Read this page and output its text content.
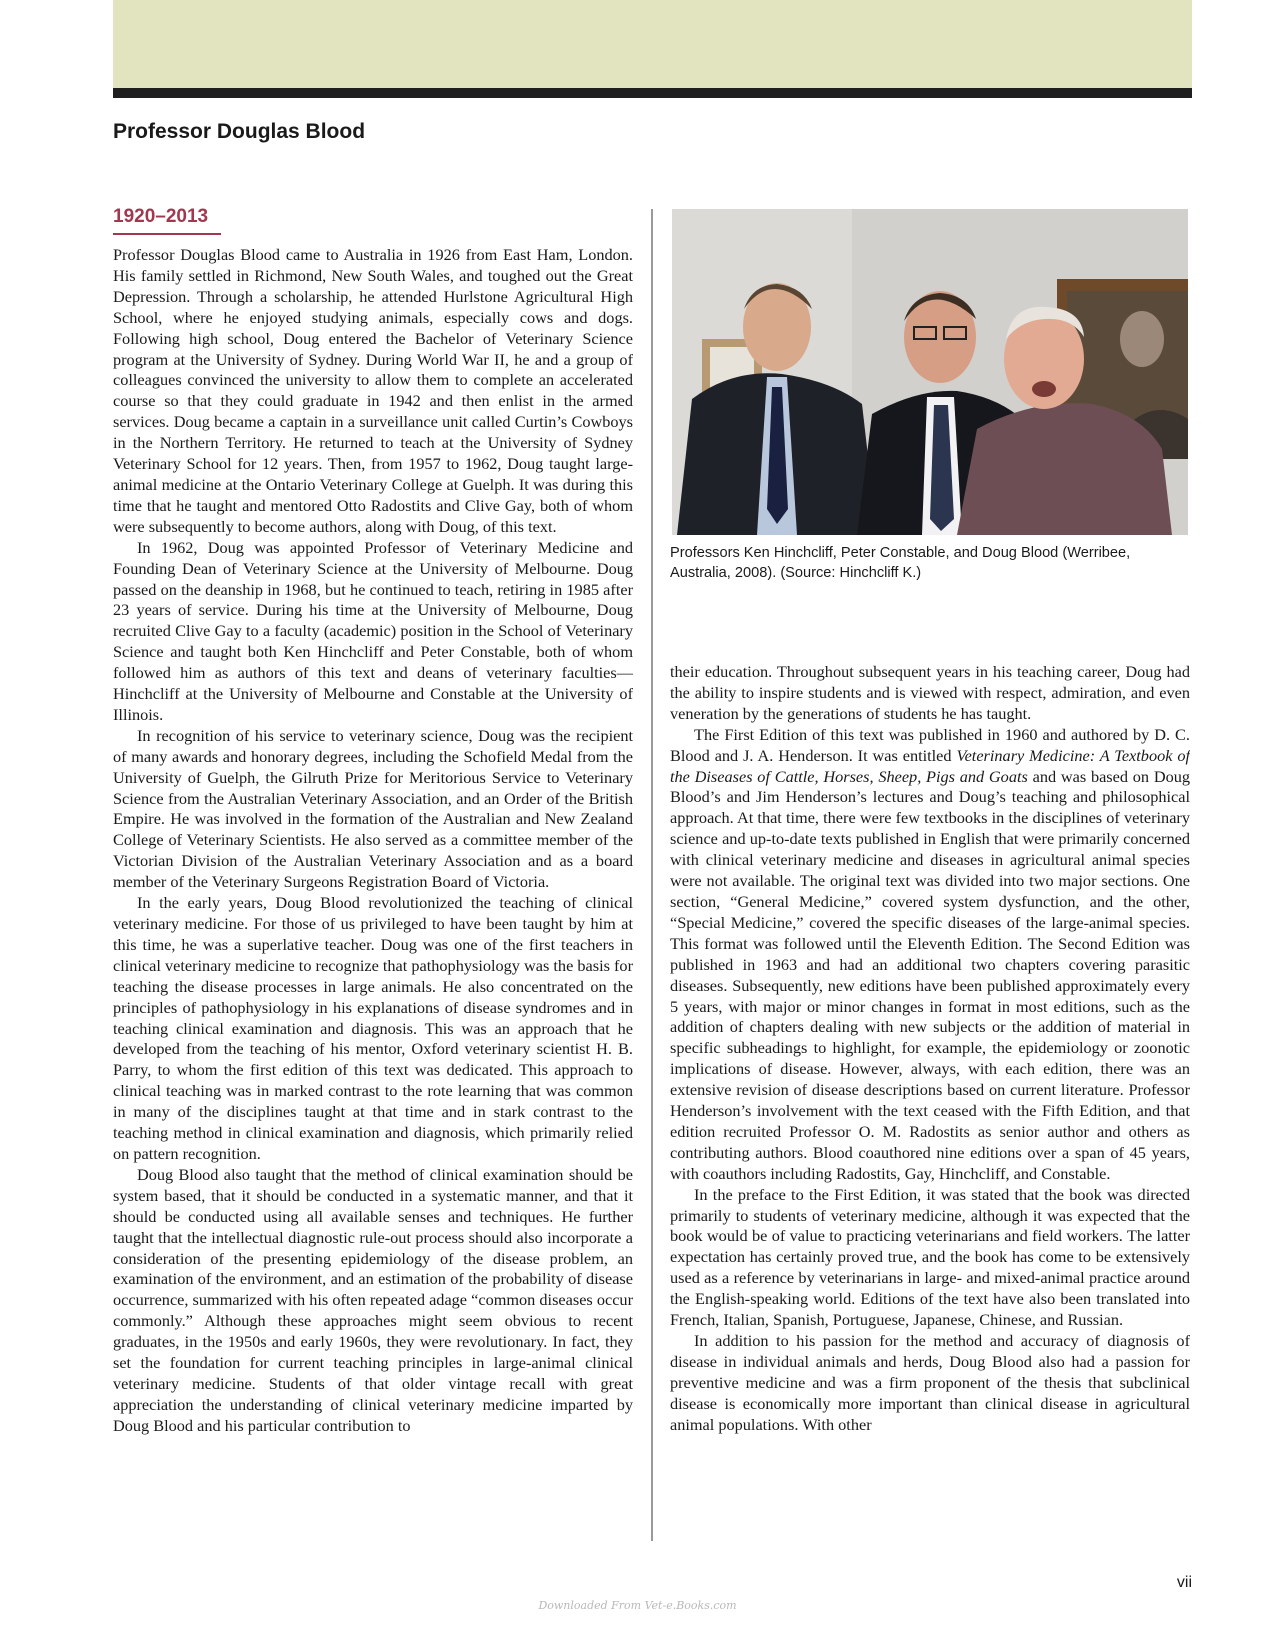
Professor Douglas Blood
1920–2013

Professor Douglas Blood came to Australia in 1926 from East Ham, London. His family settled in Richmond, New South Wales, and toughed out the Great Depression. Through a scholarship, he attended Hurlstone Agricultural High School, where he enjoyed studying animals, especially cows and dogs. Following high school, Doug entered the Bachelor of Veterinary Science program at the University of Sydney. During World War II, he and a group of colleagues convinced the university to allow them to complete an accelerated course so that they could graduate in 1942 and then enlist in the armed services. Doug became a captain in a surveillance unit called Curtin’s Cowboys in the Northern Territory. He returned to teach at the University of Sydney Veterinary School for 12 years. Then, from 1957 to 1962, Doug taught large-animal medicine at the Ontario Veterinary College at Guelph. It was during this time that he taught and mentored Otto Radostits and Clive Gay, both of whom were subsequently to become authors, along with Doug, of this text.

In 1962, Doug was appointed Professor of Veterinary Medicine and Founding Dean of Veterinary Science at the University of Melbourne. Doug passed on the deanship in 1968, but he continued to teach, retiring in 1985 after 23 years of service. During his time at the University of Melbourne, Doug recruited Clive Gay to a faculty (academic) position in the School of Veterinary Science and taught both Ken Hinchcliff and Peter Constable, both of whom followed him as authors of this text and deans of veterinary faculties—Hinchcliff at the University of Melbourne and Constable at the University of Illinois.

In recognition of his service to veterinary science, Doug was the recipient of many awards and honorary degrees, including the Schofield Medal from the University of Guelph, the Gilruth Prize for Meritorious Service to Veterinary Science from the Australian Veterinary Association, and an Order of the British Empire. He was involved in the formation of the Australian and New Zealand College of Veterinary Scientists. He also served as a committee member of the Victorian Division of the Australian Veterinary Association and as a board member of the Veterinary Surgeons Registration Board of Victoria.

In the early years, Doug Blood revolutionized the teaching of clinical veterinary medicine. For those of us privileged to have been taught by him at this time, he was a superlative teacher. Doug was one of the first teachers in clinical veterinary medicine to recognize that pathophysiology was the basis for teaching the disease processes in large animals. He also concentrated on the principles of pathophysiology in his explanations of disease syndromes and in teaching clinical examination and diagnosis. This was an approach that he developed from the teaching of his mentor, Oxford veterinary scientist H. B. Parry, to whom the first edition of this text was dedicated. This approach to clinical teaching was in marked contrast to the rote learning that was common in many of the disciplines taught at that time and in stark contrast to the teaching method in clinical examination and diagnosis, which primarily relied on pattern recognition.

Doug Blood also taught that the method of clinical examination should be system based, that it should be conducted in a systematic manner, and that it should be conducted using all available senses and techniques. He further taught that the intellectual diagnostic rule-out process should also incorporate a consideration of the presenting epidemiology of the disease problem, an examination of the environment, and an estimation of the probability of disease occurrence, summarized with his often repeated adage “common diseases occur commonly.” Although these approaches might seem obvious to recent graduates, in the 1950s and early 1960s, they were revolutionary. In fact, they set the foundation for current teaching principles in large-animal clinical veterinary medicine. Students of that older vintage recall with great appreciation the understanding of clinical veterinary medicine imparted by Doug Blood and his particular contribution to

Professors Ken Hinchcliff, Peter Constable, and Doug Blood (Werribee, Australia, 2008). (Source: Hinchcliff K.)

their education. Throughout subsequent years in his teaching career, Doug had the ability to inspire students and is viewed with respect, admiration, and even veneration by the generations of students he has taught.

The First Edition of this text was published in 1960 and authored by D. C. Blood and J. A. Henderson. It was entitled Veterinary Medicine: A Textbook of the Diseases of Cattle, Horses, Sheep, Pigs and Goats and was based on Doug Blood’s and Jim Henderson’s lectures and Doug’s teaching and philosophical approach. At that time, there were few textbooks in the disciplines of veterinary science and up-to-date texts published in English that were primarily concerned with clinical veterinary medicine and diseases in agricultural animal species were not available. The original text was divided into two major sections. One section, “General Medicine,” covered system dysfunction, and the other, “Special Medicine,” covered the specific diseases of the large-animal species. This format was followed until the Eleventh Edition. The Second Edition was published in 1963 and had an additional two chapters covering parasitic diseases. Subsequently, new editions have been published approximately every 5 years, with major or minor changes in format in most editions, such as the addition of chapters dealing with new subjects or the addition of material in specific subheadings to highlight, for example, the epidemiology or zoonotic implications of disease. However, always, with each edition, there was an extensive revision of disease descriptions based on current literature. Professor Henderson’s involvement with the text ceased with the Fifth Edition, and that edition recruited Professor O. M. Radostits as senior author and others as contributing authors. Blood coauthored nine editions over a span of 45 years, with coauthors including Radostits, Gay, Hinchcliff, and Constable.

In the preface to the First Edition, it was stated that the book was directed primarily to students of veterinary medicine, although it was expected that the book would be of value to practicing veterinarians and field workers. The latter expectation has certainly proved true, and the book has come to be extensively used as a reference by veterinarians in large- and mixed-animal practice around the English-speaking world. Editions of the text have also been translated into French, Italian, Spanish, Portuguese, Japanese, Chinese, and Russian.

In addition to his passion for the method and accuracy of diagnosis of disease in individual animals and herds, Doug Blood also had a passion for preventive medicine and was a firm proponent of the thesis that subclinical disease is economically more important than clinical disease in agricultural animal populations. With other

vii
Downloaded From Vet-e.Books.com
